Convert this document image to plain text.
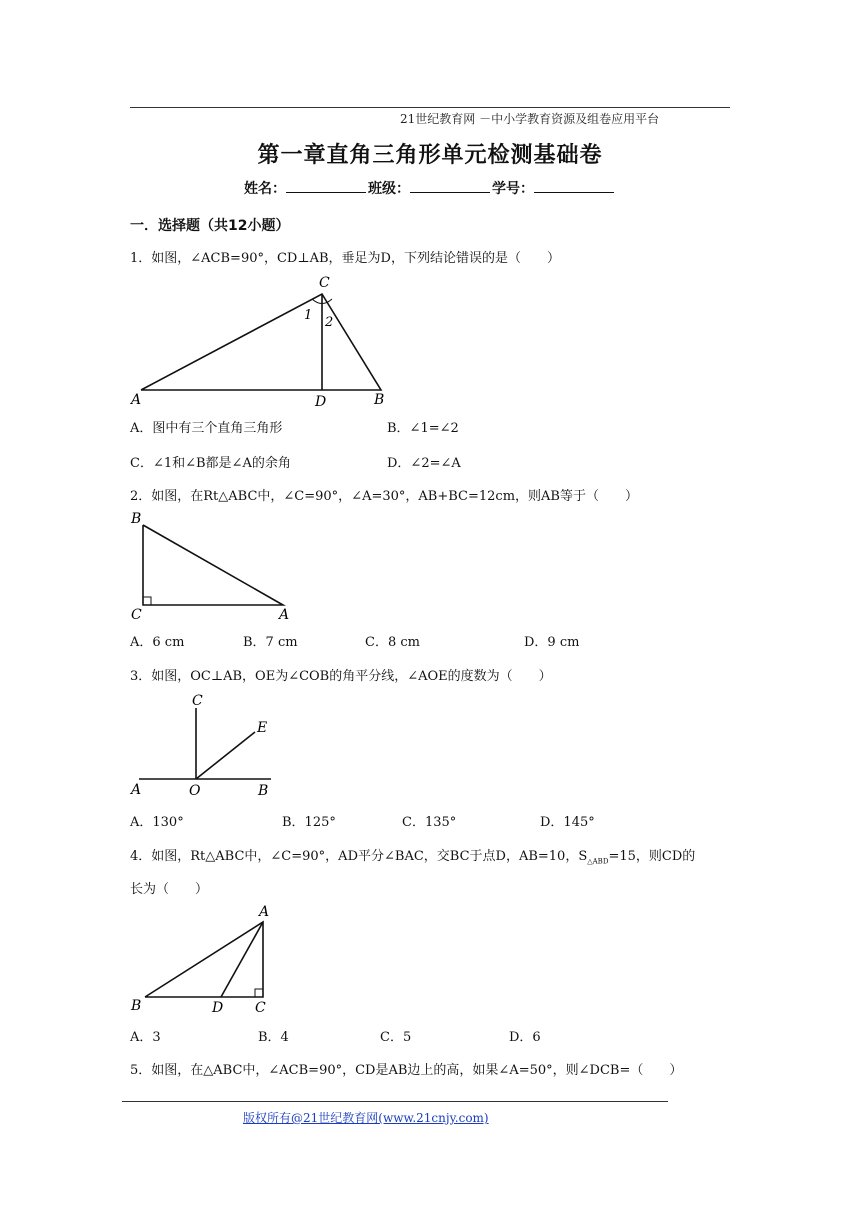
21世纪教育网 －中小学教育资源及组卷应用平台
第一章直角三角形单元检测基础卷
姓名：	班级：	学号：
一．选择题（共12小题）
1．如图，∠ACB=90°，CD⊥AB，垂足为D，下列结论错误的是（　　）
C
1 2
A	D	B
A．图中有三个直角三角形	B．∠1=∠2
C．∠1和∠B都是∠A的余角	D．∠2=∠A
2．如图，在Rt△ABC中，∠C=90°，∠A=30°，AB+BC=12cm，则AB等于（　　）
B
C	A
A．6 cm	B．7 cm	C．8 cm	D．9 cm
3．如图，OC⊥AB，OE为∠COB的角平分线，∠AOE的度数为（　　）
C
E
A	O	B
A．130°	B．125°	C．135°	D．145°
4．如图，Rt△ABC中，∠C=90°，AD平分∠BAC，交BC于点D，AB=10，$S_{\triangle ABD}=15$，则CD的
长为（　　）
A
B	D C
A．3	B．4	C．5	D．6
5．如图，在△ABC中，∠ACB=90°，CD是AB边上的高，如果∠A=50°，则∠DCB=（　　）
版权所有@21世纪教育网(www.21cnjy.com)
